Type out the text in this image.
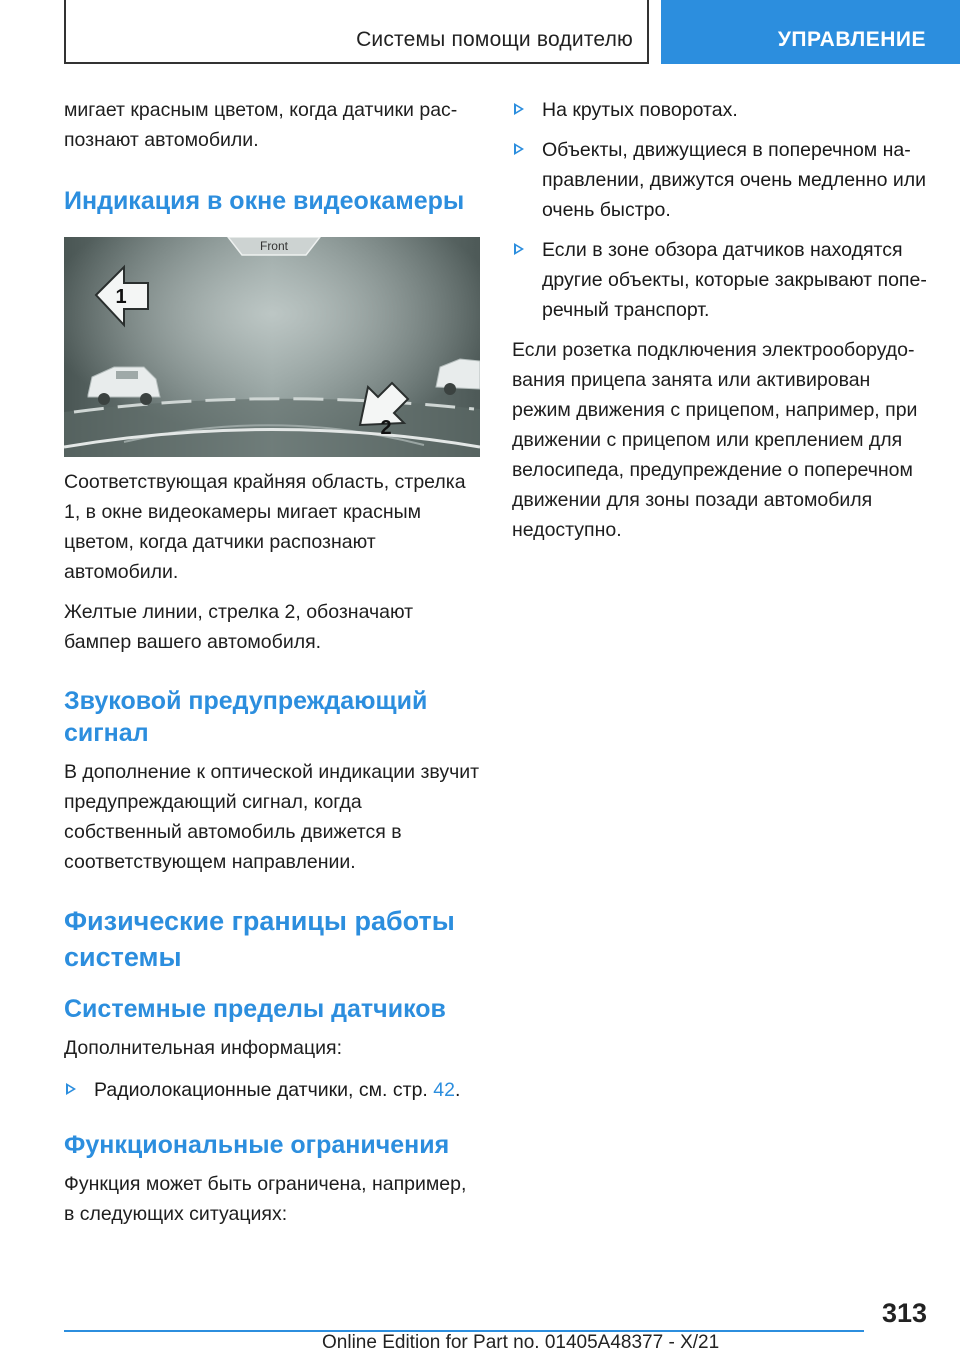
Системы помощи водителю	УПРАВЛЕНИЕ

мигает красным цветом, когда датчики распознают автомобили.

Индикация в окне видеокамеры
Front
1
2

Соответствующая крайняя область, стрелка 1, в окне видеокамеры мигает красным цветом, когда датчики распознают автомобили.

Желтые линии, стрелка 2, обозначают бампер вашего автомобиля.

Звуковой предупреждающий сигнал

В дополнение к оптической индикации звучит предупреждающий сигнал, когда собственный автомобиль движется в соответствующем направлении.

Физические границы работы системы
Системные пределы датчиков

Дополнительная информация:

Радиолокационные датчики, см. стр. 42.
Функциональные ограничения

Функция может быть ограничена, например, в следующих ситуациях:

На крутых поворотах.
Объекты, движущиеся в поперечном направлении, движутся очень медленно или очень быстро.
Если в зоне обзора датчиков находятся другие объекты, которые закрывают поперечный транспорт.

Если розетка подключения электрооборудования прицепа занята или активирован режим движения с прицепом, например, при движении с прицепом или креплением для велосипеда, предупреждение о поперечном движении для зоны позади автомобиля недоступно.

313
Online Edition for Part no. 01405A48377 - X/21
